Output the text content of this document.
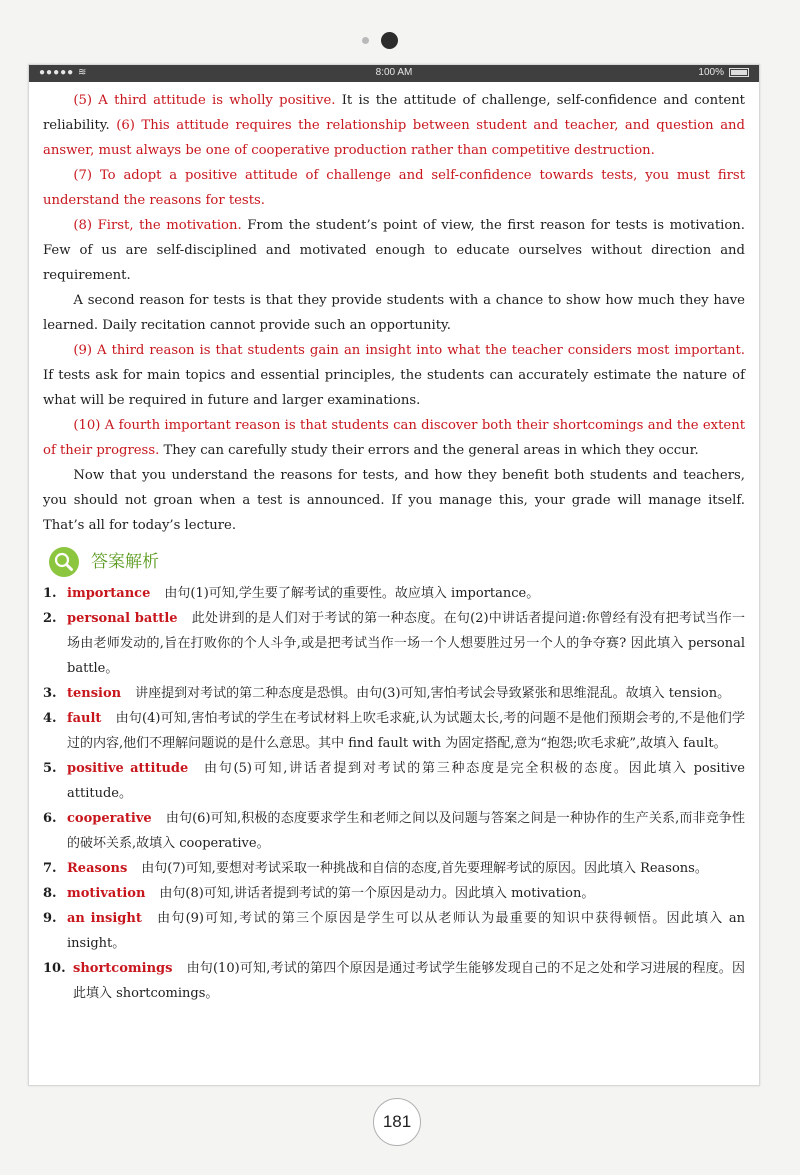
●●●●● ≋	8:00 AM	100%

(5) A third attitude is wholly positive. It is the attitude of challenge, self-confidence and content reliability. (6) This attitude requires the relationship between student and teacher, and question and answer, must always be one of cooperative production rather than competitive destruction.

(7) To adopt a positive attitude of challenge and self-confidence towards tests, you must first understand the reasons for tests.

(8) First, the motivation. From the student’s point of view, the first reason for tests is motivation. Few of us are self-disciplined and motivated enough to educate ourselves without direction and requirement.

A second reason for tests is that they provide students with a chance to show how much they have learned. Daily recitation cannot provide such an opportunity.

(9) A third reason is that students gain an insight into what the teacher considers most important. If tests ask for main topics and essential principles, the students can accurately estimate the nature of what will be required in future and larger examinations.

(10) A fourth important reason is that students can discover both their shortcomings and the extent of their progress. They can carefully study their errors and the general areas in which they occur.

Now that you understand the reasons for tests, and how they benefit both students and teachers, you should not groan when a test is announced. If you manage this, your grade will manage itself. That’s all for today’s lecture.

答案解析
1. importance 由句(1)可知,学生要了解考试的重要性。故应填入 importance。
2. personal battle 此处讲到的是人们对于考试的第一种态度。在句(2)中讲话者提问道:你曾经有没有把考试当作一场由老师发动的,旨在打败你的个人斗争,或是把考试当作一场一个人想要胜过另一个人的争夺赛? 因此填入 personal battle。
3. tension 讲座提到对考试的第二种态度是恐惧。由句(3)可知,害怕考试会导致紧张和思维混乱。故填入 tension。
4. fault 由句(4)可知,害怕考试的学生在考试材料上吹毛求疵,认为试题太长,考的问题不是他们预期会考的,不是他们学过的内容,他们不理解问题说的是什么意思。其中 find fault with 为固定搭配,意为“抱怨;吹毛求疵”,故填入 fault。
5. positive attitude 由句(5)可知,讲话者提到对考试的第三种态度是完全积极的态度。因此填入 positive attitude。
6. cooperative 由句(6)可知,积极的态度要求学生和老师之间以及问题与答案之间是一种协作的生产关系,而非竞争性的破坏关系,故填入 cooperative。
7. Reasons 由句(7)可知,要想对考试采取一种挑战和自信的态度,首先要理解考试的原因。因此填入 Reasons。
8. motivation 由句(8)可知,讲话者提到考试的第一个原因是动力。因此填入 motivation。
9. an insight 由句(9)可知,考试的第三个原因是学生可以从老师认为最重要的知识中获得顿悟。因此填入 an insight。
10. shortcomings 由句(10)可知,考试的第四个原因是通过考试学生能够发现自己的不足之处和学习进展的程度。因此填入 shortcomings。
181
